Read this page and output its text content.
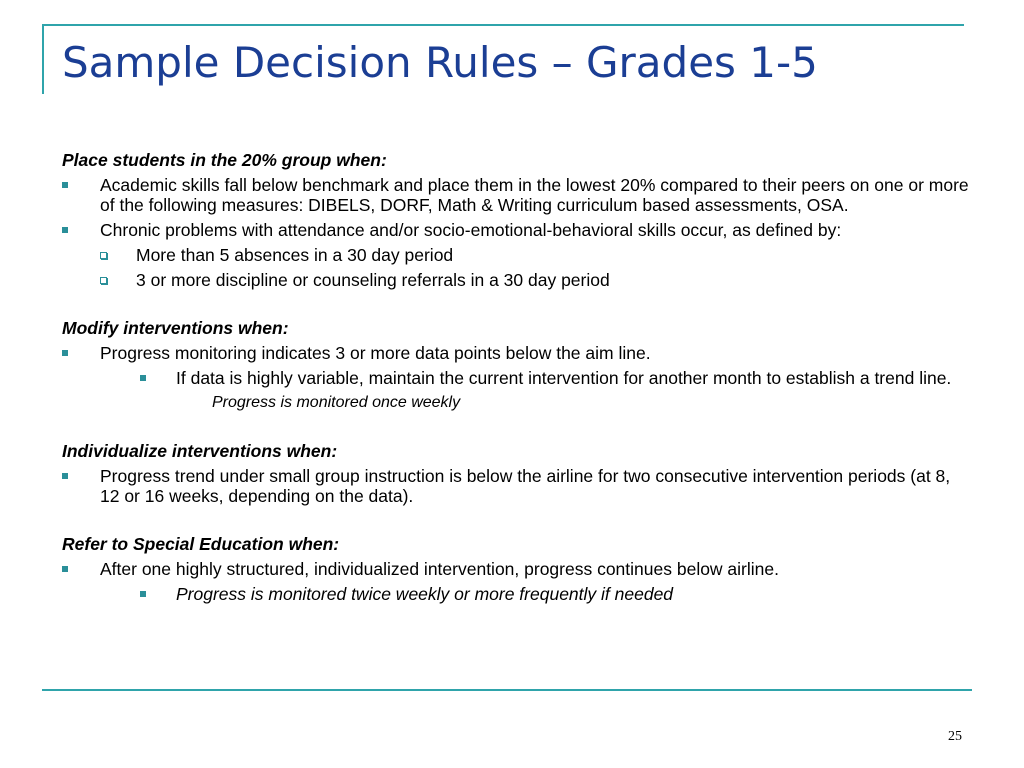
Sample Decision Rules – Grades 1-5

Place students in the 20% group when:

Academic skills fall below benchmark and place them in the lowest 20% compared to their peers on one or more of the following measures: DIBELS, DORF, Math & Writing curriculum based assessments, OSA.
Chronic problems with attendance and/or socio-emotional-behavioral skills occur, as defined by:
More than 5 absences in a 30 day period
3 or more discipline or counseling referrals in a 30 day period

Modify interventions when:

Progress monitoring indicates 3 or more data points below the aim line.
If data is highly variable, maintain the current intervention for another month to establish a trend line.
Progress is monitored once weekly

Individualize interventions when:

Progress trend under small group instruction is below the airline for two consecutive intervention periods (at 8, 12 or 16 weeks, depending on the data).

Refer to Special Education when:

After one highly structured, individualized intervention, progress continues below airline.
Progress is monitored twice weekly or more frequently if needed
25
